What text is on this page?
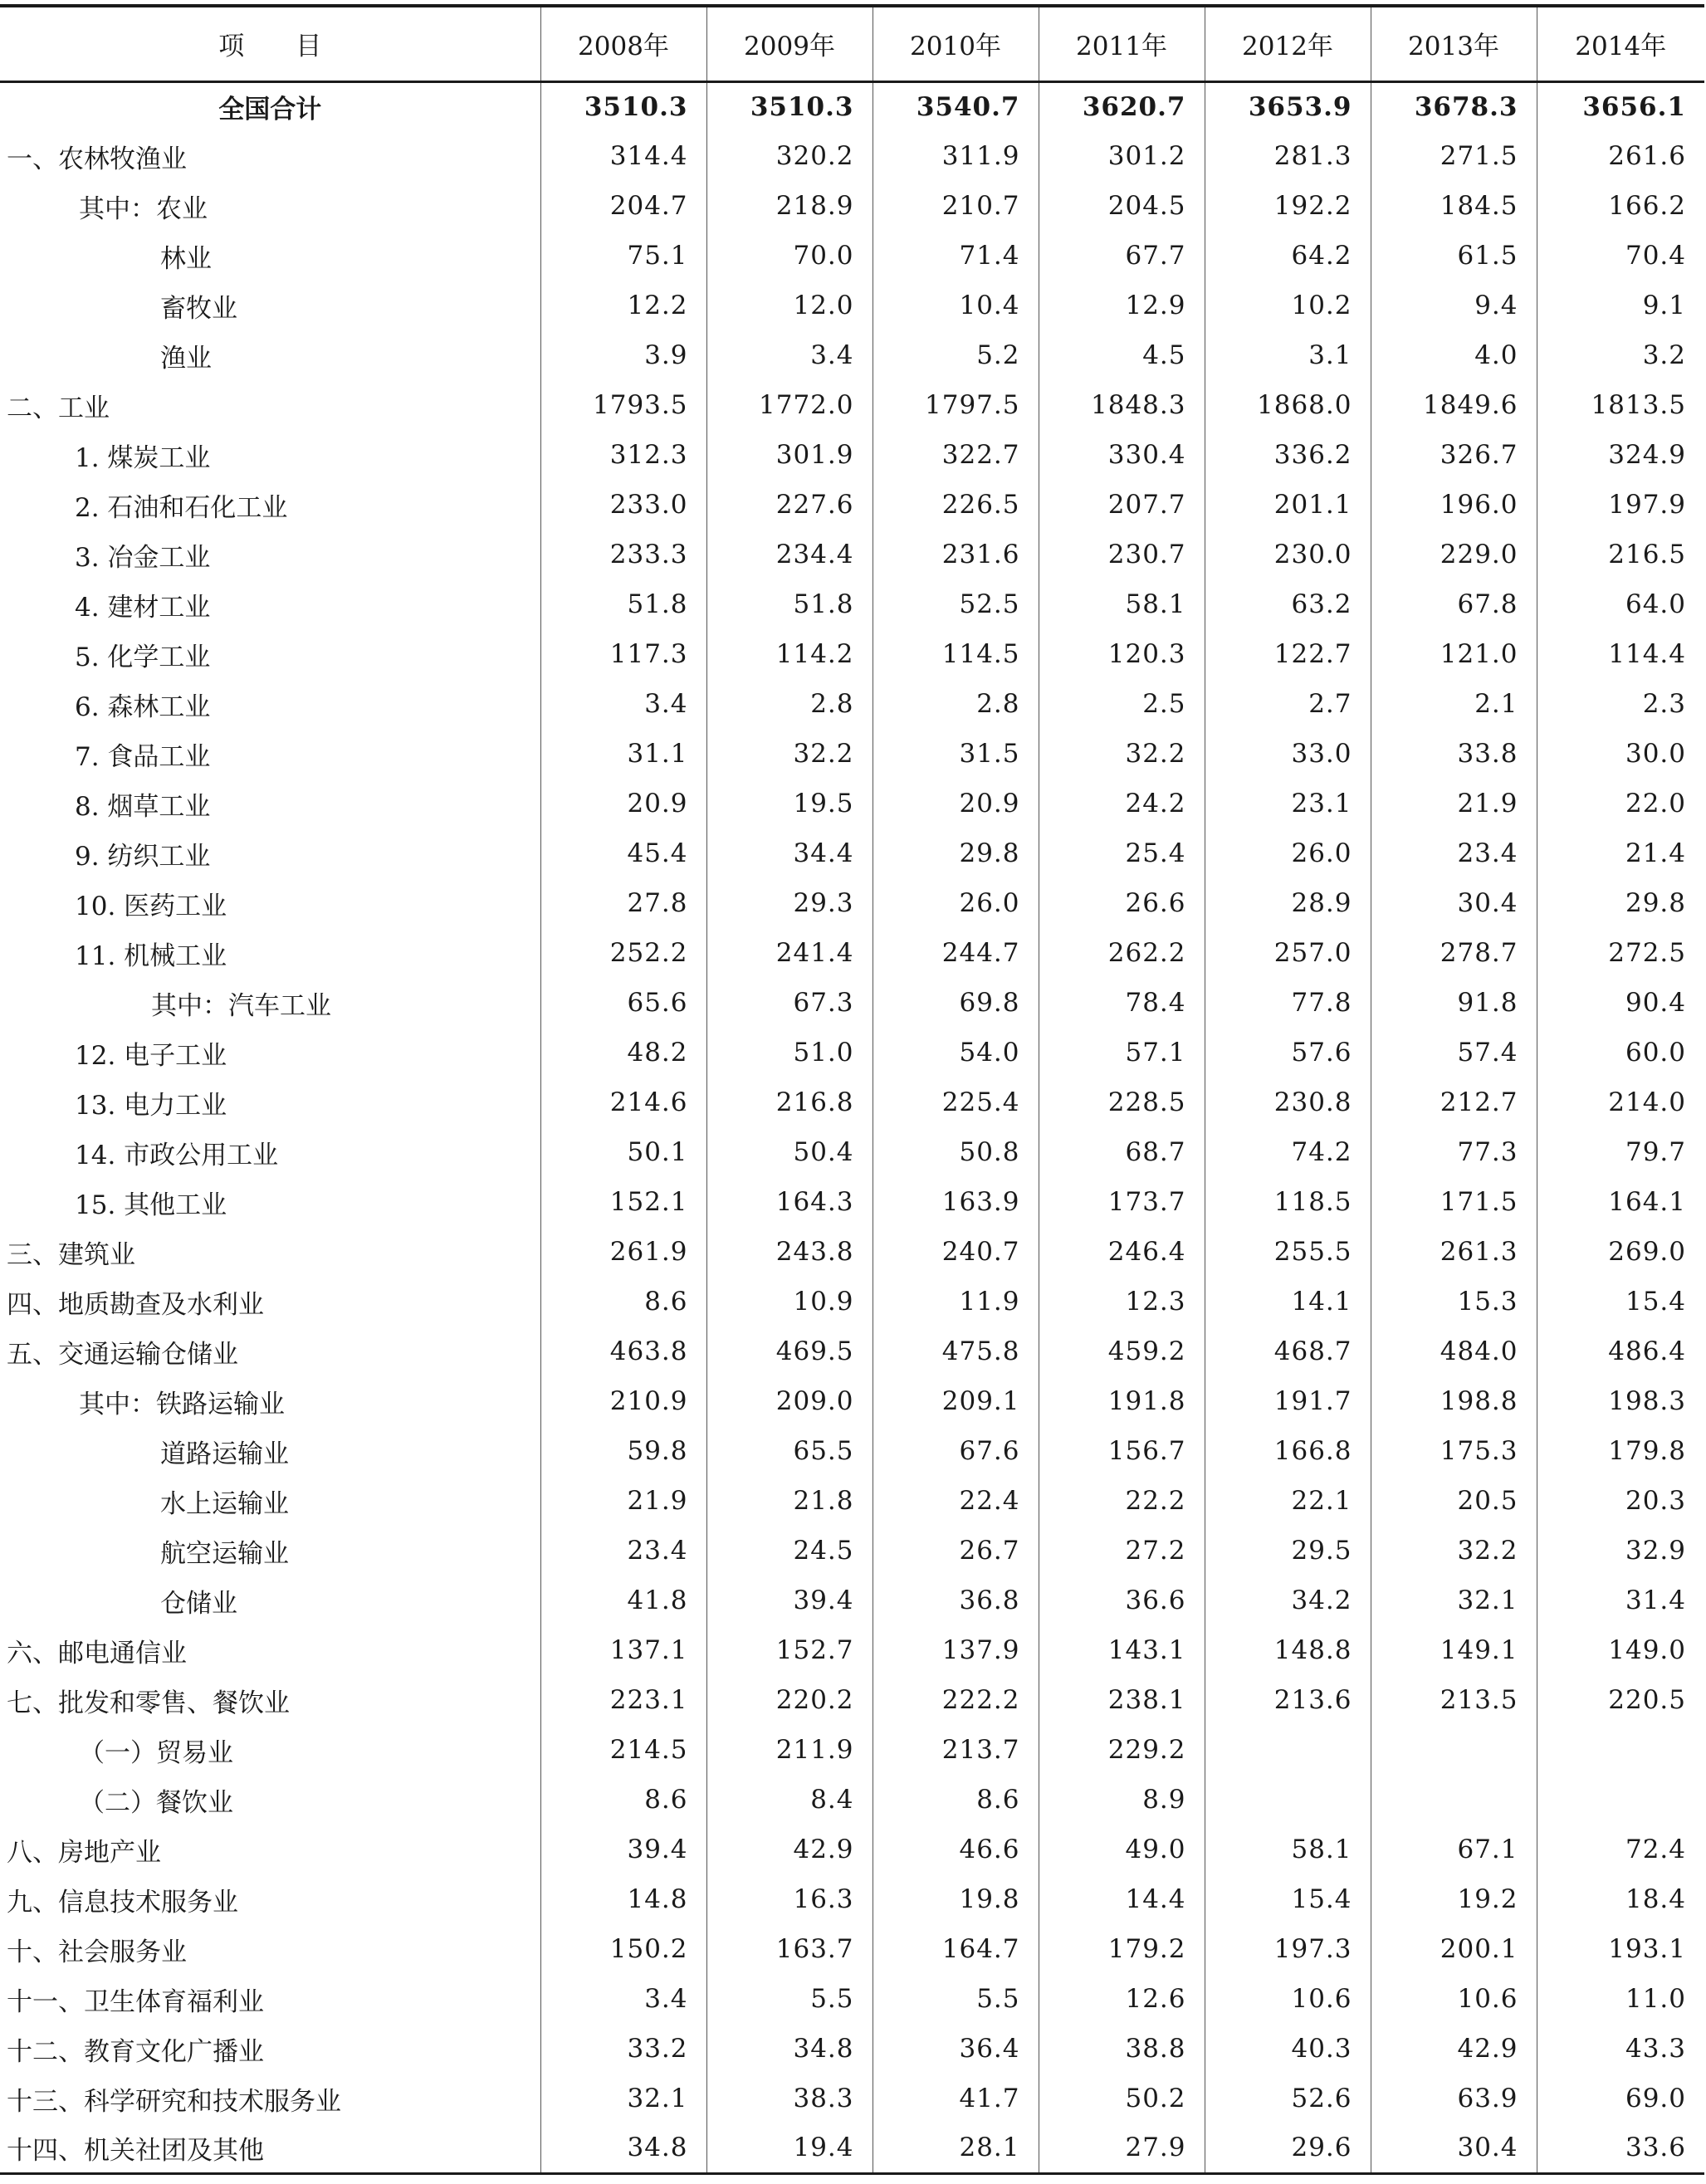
项　　目	2008年	2009年	2010年	2011年	2012年	2013年	2014年
全国合计	3510.3	3510.3	3540.7	3620.7	3653.9	3678.3	3656.1
一、农林牧渔业	314.4	320.2	311.9	301.2	281.3	271.5	261.6
其中：农业	204.7	218.9	210.7	204.5	192.2	184.5	166.2
林业	75.1	70.0	71.4	67.7	64.2	61.5	70.4
畜牧业	12.2	12.0	10.4	12.9	10.2	9.4	9.1
渔业	3.9	3.4	5.2	4.5	3.1	4.0	3.2
二、工业	1793.5	1772.0	1797.5	1848.3	1868.0	1849.6	1813.5
1. 煤炭工业	312.3	301.9	322.7	330.4	336.2	326.7	324.9
2. 石油和石化工业	233.0	227.6	226.5	207.7	201.1	196.0	197.9
3. 冶金工业	233.3	234.4	231.6	230.7	230.0	229.0	216.5
4. 建材工业	51.8	51.8	52.5	58.1	63.2	67.8	64.0
5. 化学工业	117.3	114.2	114.5	120.3	122.7	121.0	114.4
6. 森林工业	3.4	2.8	2.8	2.5	2.7	2.1	2.3
7. 食品工业	31.1	32.2	31.5	32.2	33.0	33.8	30.0
8. 烟草工业	20.9	19.5	20.9	24.2	23.1	21.9	22.0
9. 纺织工业	45.4	34.4	29.8	25.4	26.0	23.4	21.4
10. 医药工业	27.8	29.3	26.0	26.6	28.9	30.4	29.8
11. 机械工业	252.2	241.4	244.7	262.2	257.0	278.7	272.5
其中：汽车工业	65.6	67.3	69.8	78.4	77.8	91.8	90.4
12. 电子工业	48.2	51.0	54.0	57.1	57.6	57.4	60.0
13. 电力工业	214.6	216.8	225.4	228.5	230.8	212.7	214.0
14. 市政公用工业	50.1	50.4	50.8	68.7	74.2	77.3	79.7
15. 其他工业	152.1	164.3	163.9	173.7	118.5	171.5	164.1
三、建筑业	261.9	243.8	240.7	246.4	255.5	261.3	269.0
四、地质勘查及水利业	8.6	10.9	11.9	12.3	14.1	15.3	15.4
五、交通运输仓储业	463.8	469.5	475.8	459.2	468.7	484.0	486.4
其中：铁路运输业	210.9	209.0	209.1	191.8	191.7	198.8	198.3
道路运输业	59.8	65.5	67.6	156.7	166.8	175.3	179.8
水上运输业	21.9	21.8	22.4	22.2	22.1	20.5	20.3
航空运输业	23.4	24.5	26.7	27.2	29.5	32.2	32.9
仓储业	41.8	39.4	36.8	36.6	34.2	32.1	31.4
六、邮电通信业	137.1	152.7	137.9	143.1	148.8	149.1	149.0
七、批发和零售、餐饮业	223.1	220.2	222.2	238.1	213.6	213.5	220.5
（一）贸易业	214.5	211.9	213.7	229.2			
（二）餐饮业	8.6	8.4	8.6	8.9			
八、房地产业	39.4	42.9	46.6	49.0	58.1	67.1	72.4
九、信息技术服务业	14.8	16.3	19.8	14.4	15.4	19.2	18.4
十、社会服务业	150.2	163.7	164.7	179.2	197.3	200.1	193.1
十一、卫生体育福利业	3.4	5.5	5.5	12.6	10.6	10.6	11.0
十二、教育文化广播业	33.2	34.8	36.4	38.8	40.3	42.9	43.3
十三、科学研究和技术服务业	32.1	38.3	41.7	50.2	52.6	63.9	69.0
十四、机关社团及其他	34.8	19.4	28.1	27.9	29.6	30.4	33.6
